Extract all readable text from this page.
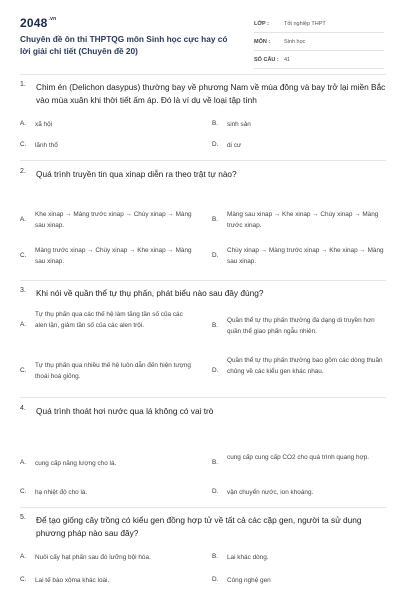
$2048^{.vn}$
Chuyên đề ôn thi THPTQG môn Sinh học cực hay có lời giải chi tiết (Chuyên đề 20)
LỚP :	Tốt nghiệp THPT
MÔN :	Sinh học
SỐ CÂU : 41
1. Chim én (Delichon dasypus) thường bay về phương Nam về mùa đông và bay trở lại miền Bắc vào mùa xuân khi thời tiết ấm áp. Đó là ví dụ về loại tập tính
A. xã hội	B. sinh sản
C. lãnh thổ	D. di cư
2. Quá trình truyền tin qua xinap diễn ra theo trật tự nào?
A.
Khe xinap → Màng trước xinap → Chùy xinap → Màng sau xinap.
B.
Màng sau xinap → Khe xinap → Chùy xinap → Màng trước xinap.
C.
Màng trước xinap → Chùy xinap → Khe xinap → Màng sau xinap.
D.
Chùy xinap → Màng trước xinap → Khe xinap → Màng sau xinap.
3. Khi nói về quần thể tự thụ phấn, phát biểu nào sau đây đúng?
A.
Tự thụ phấn qua các thế hệ làm tăng tần số của các alen lặn, giảm tần số của các alen trội.	B.
Quần thể tự thụ phấn thường đa dạng di truyền hơn quần thể giao phấn ngẫu nhiên.
C.
Tự thụ phấn qua nhiều thế hệ luôn dẫn đến hiện tượng thoái hoá giống.
D.
Quần thể tự thụ phấn thường bao gồm các dòng thuần chủng về các kiểu gen khác nhau.
4. Quá trình thoát hơi nước qua lá không có vai trò
A. cung cấp năng lượng cho lá.	B.
cung cấp cung cấp CO2 cho quá trình quang hợp.
C. hạ nhiệt độ cho lá.	D. vận chuyển nước, ion khoáng.
5. Để tạo giống cây trồng có kiểu gen đồng hợp tử về tất cả các cặp gen, người ta sử dụng phương pháp nào sau đây?
A. Nuôi cấy hạt phấn sau đó lưỡng bội hóa.	B. Lai khác dòng.
C. Lai tế bào xôma khác loài.	D. Công nghệ gen
